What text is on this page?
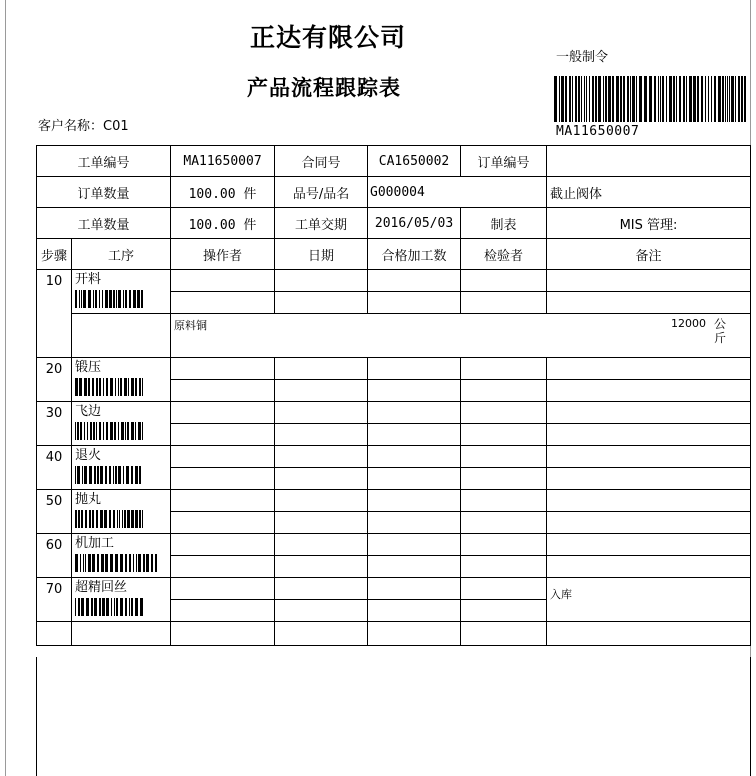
正达有限公司
产品流程跟踪表
一般制令
客户名称：C01	MA11650007
工单编号		MA11650007	合同号	CA1650002	订单编号	
订单数量		100.00 件	品号/品名	G000004		截止阀体
工单数量		100.00 件	工单交期	2016/05/03	制表	MIS 管理:
步骤	工序	操作者	日期	合格加工数	检验者	备注
10	开料					

		原料铜 12000 公斤				

20	锻压					

30	飞边					

40	退火					

50	抛丸					

60	机加工					

70	超精回丝					入库
